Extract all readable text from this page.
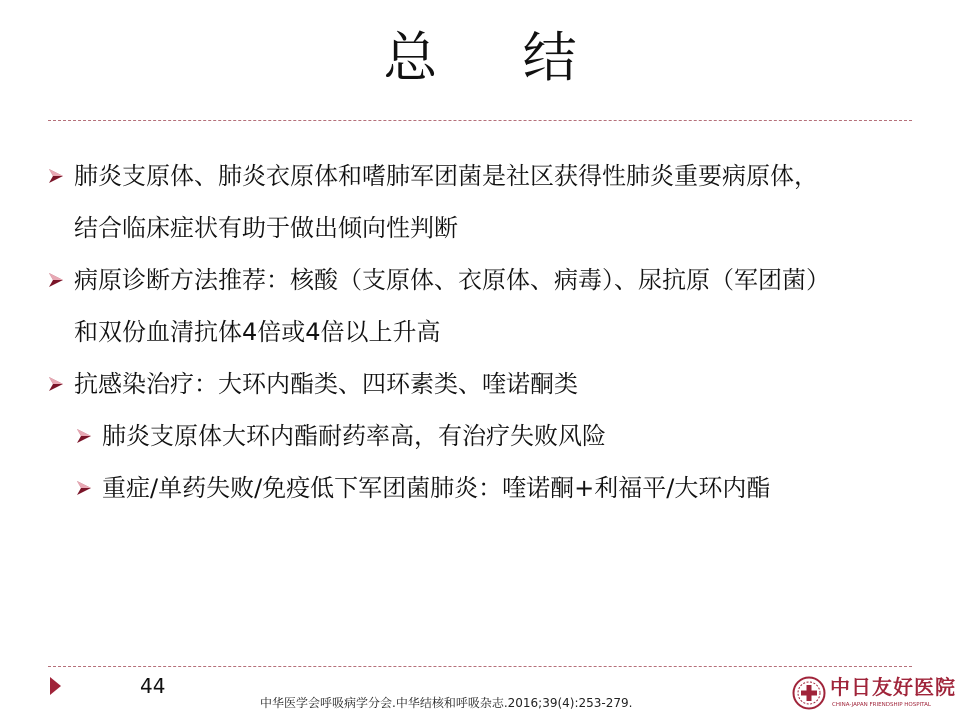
总 结
肺炎支原体、肺炎衣原体和嗜肺军团菌是社区获得性肺炎重要病原体，
结合临床症状有助于做出倾向性判断
病原诊断方法推荐：核酸（支原体、衣原体、病毒）、尿抗原（军团菌）
和双份血清抗体4倍或4倍以上升高
抗感染治疗：大环内酯类、四环素类、喹诺酮类
肺炎支原体大环内酯耐药率高，有治疗失败风险
重症/单药失败/免疫低下军团菌肺炎：喹诺酮+利福平/大环内酯
44
中华医学会呼吸病学分会.中华结核和呼吸杂志.2016;39(4):253-279.
中日友好医院
CHINA-JAPAN FRIENDSHIP HOSPITAL
